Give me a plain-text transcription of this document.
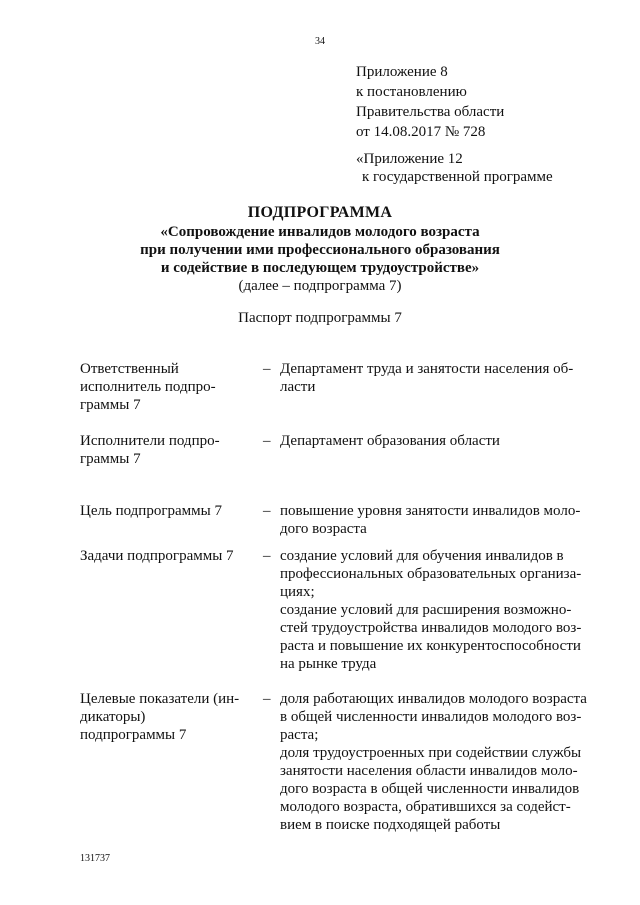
34
Приложение 8
к постановлению
Правительства области
от 14.08.2017 № 728
«Приложение 12
к государственной программе
ПОДПРОГРАММА
«Сопровождение инвалидов молодого возраста
при получении ими профессионального образования
и содействие в последующем трудоустройстве»
(далее – подпрограмма 7)
Паспорт подпрограммы 7
Ответственный
исполнитель подпро-
граммы 7
– Департамент труда и занятости населения об-
ласти
Исполнители подпро-
граммы 7
– Департамент образования области
Цель подпрограммы 7	– повышение уровня занятости инвалидов моло-
дого возраста
Задачи подпрограммы 7	– создание условий для обучения инвалидов в
профессиональных образовательных организа-
циях;
создание условий для расширения возможно-
стей трудоустройства инвалидов молодого воз-
раста и повышение их конкурентоспособности
на рынке труда
Целевые показатели (ин-
дикаторы)
подпрограммы 7
– доля работающих инвалидов молодого возраста
в общей численности инвалидов молодого воз-
раста;
доля трудоустроенных при содействии службы
занятости населения области инвалидов моло-
дого возраста в общей численности инвалидов
молодого возраста, обратившихся за содейст-
вием в поиске подходящей работы
131737
